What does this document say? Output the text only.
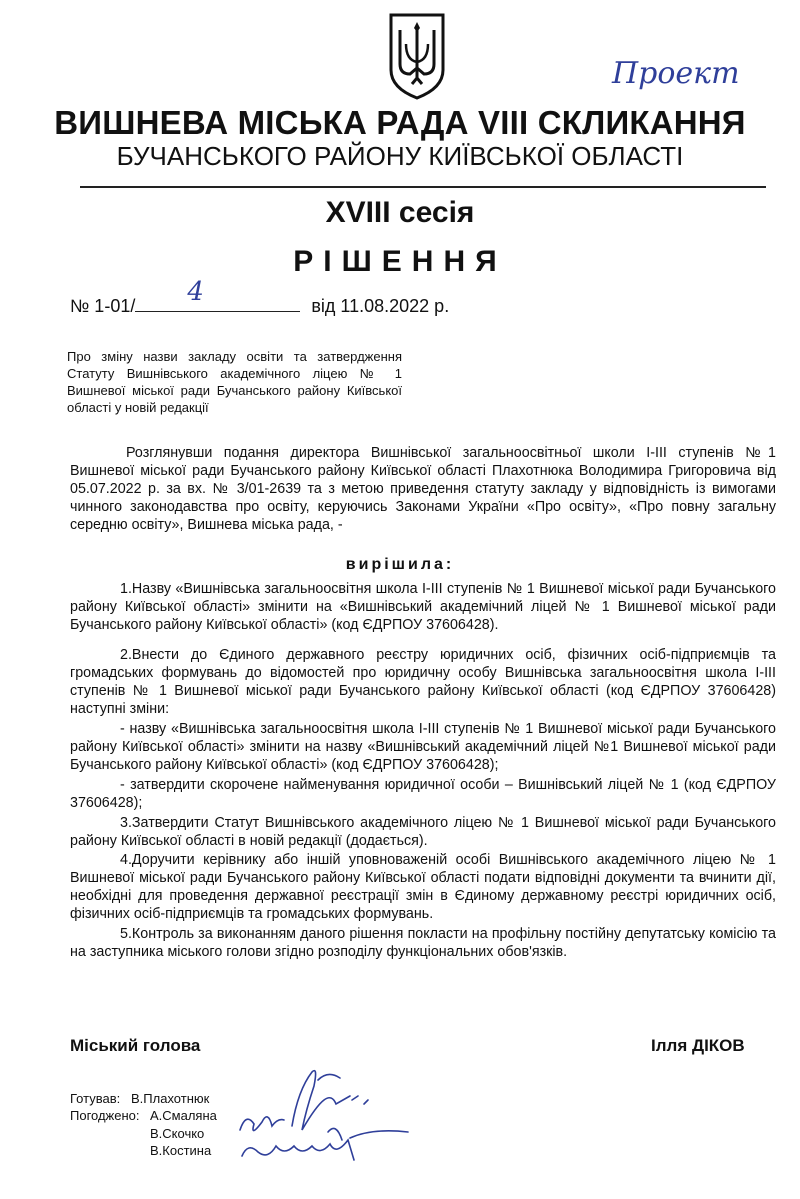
Проект
ВИШНЕВА МІСЬКА РАДА VIII СКЛИКАННЯ
БУЧАНСЬКОГО РАЙОНУ КИЇВСЬКОЇ ОБЛАСТІ
XVIII сесія
РІШЕННЯ
№ 1-01/ 4	від 11.08.2022 р.
Про зміну назви закладу освіти та затвердження Статуту Вишнівського академічного ліцею № 1 Вишневої міської ради Бучанського району Київської області у новій редакції
Розглянувши подання директора Вишнівської загальноосвітньої школи І-ІІІ ступенів №1 Вишневої міської ради Бучанського району Київської області Плахотнюка Володимира Григоровича від 05.07.2022 р. за вх. № 3/01-2639 та з метою приведення статуту закладу у відповідність із вимогами чинного законодавства про освіту, керуючись Законами України «Про освіту», «Про повну загальну середню освіту», Вишнева міська рада, -
вирішила:
1.Назву «Вишнівська загальноосвітня школа І-ІІІ ступенів № 1 Вишневої міської ради Бучанського району Київської області» змінити на «Вишнівський академічний ліцей № 1 Вишневої міської ради Бучанського району Київської області» (код ЄДРПОУ 37606428).
2.Внести до Єдиного державного реєстру юридичних осіб, фізичних осіб-підприємців та громадських формувань до відомостей про юридичну особу Вишнівська загальноосвітня школа І-ІІІ ступенів № 1 Вишневої міської ради Бучанського району Київської області (код ЄДРПОУ 37606428) наступні зміни:
- назву «Вишнівська загальноосвітня школа І-ІІІ ступенів № 1 Вишневої міської ради Бучанського району Київської області» змінити на назву «Вишнівський академічний ліцей №1 Вишневої міської ради Бучанського району Київської області» (код ЄДРПОУ 37606428);
- затвердити скорочене найменування юридичної особи – Вишнівський ліцей № 1 (код ЄДРПОУ 37606428);
3.Затвердити Статут Вишнівського академічного ліцею № 1 Вишневої міської ради Бучанського району Київської області в новій редакції (додається).
4.Доручити керівнику або іншій уповноваженій особі Вишнівського академічного ліцею № 1 Вишневої міської ради Бучанського району Київської області подати відповідні документи та вчинити дії, необхідні для проведення державної реєстрації змін в Єдиному державному реєстрі юридичних осіб, фізичних осіб-підприємців та громадських формувань.
5.Контроль за виконанням даного рішення покласти на профільну постійну депутатську комісію та на заступника міського голови згідно розподілу функціональних обов'язків.
Міський голова	Ілля ДІКОВ
Готував: В.Плахотнюк
Погоджено: А.Смаляна
В.Скочко
В.Костина
